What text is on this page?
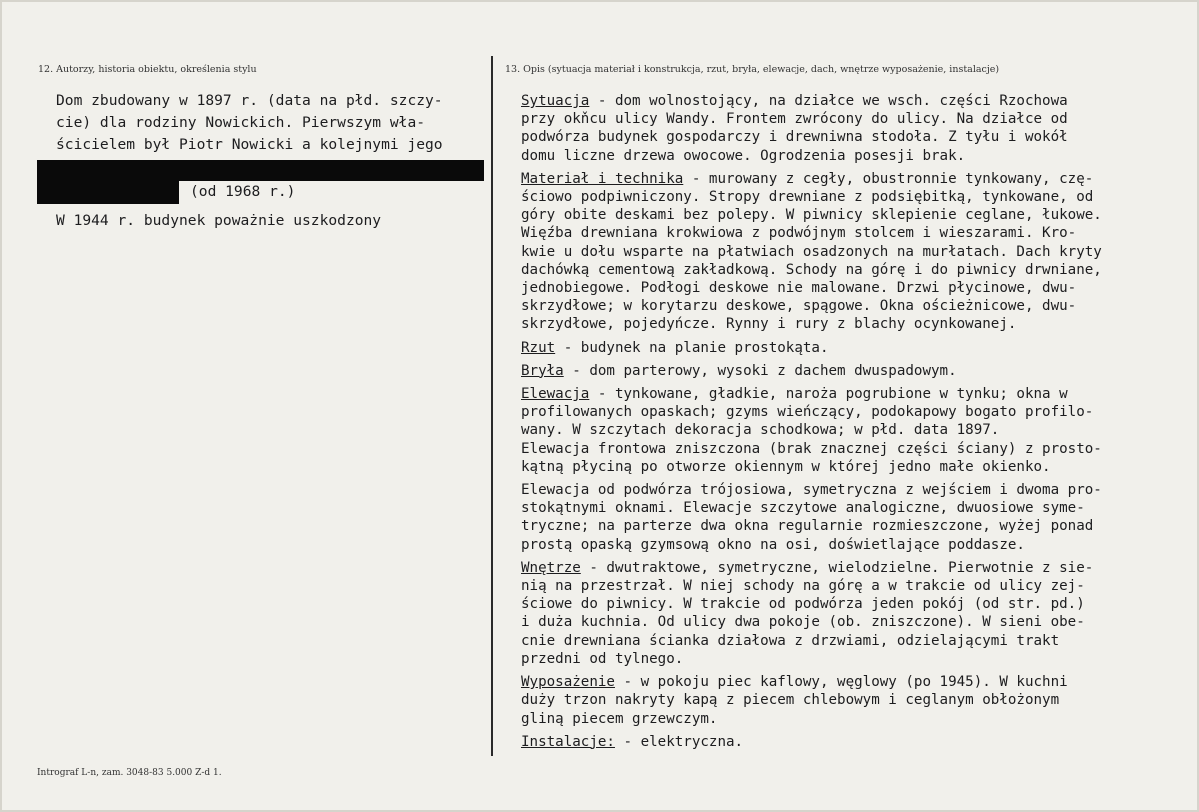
12. Autorzy, historia obiektu, określenia stylu	13. Opis (sytuacja materiał i konstrukcja, rzut, bryła, elewacje, dach, wnętrze wyposażenie, instalacje)
Dom zbudowany w 1897 r. (data na płd. szczy-
cie) dla rodziny Nowickich. Pierwszym wła-
ścicielem był Piotr Nowicki a kolejnymi jego
(od 1968 r.)
W 1944 r. budynek poważnie uszkodzony
Sytuacja - dom wolnostojący, na działce we wsch. części Rzochowa
przy okňcu ulicy Wandy. Frontem zwrócony do ulicy. Na działce od
podwórza budynek gospodarczy i drewniwna stodoła. Z tyłu i wokół
domu liczne drzewa owocowe. Ogrodzenia posesji brak.
Materiał i technika - murowany z cegły, obustronnie tynkowany, czę-
ściowo podpiwniczony. Stropy drewniane z podsiębitką, tynkowane, od
góry obite deskami bez polepy. W piwnicy sklepienie ceglane, łukowe.
Więźba drewniana krokwiowa z podwójnym stolcem i wieszarami. Kro-
kwie u dołu wsparte na płatwiach osadzonych na murłatach. Dach kryty
dachówką cementową zakładkową. Schody na górę i do piwnicy drwniane,
jednobiegowe. Podłogi deskowe nie malowane. Drzwi płycinowe, dwu-
skrzydłowe; w korytarzu deskowe, spągowe. Okna ościeżnicowe, dwu-
skrzydłowe, pojedyńcze. Rynny i rury z blachy ocynkowanej.
Rzut - budynek na planie prostokąta.
Bryła - dom parterowy, wysoki z dachem dwuspadowym.
Elewacja - tynkowane, gładkie, naroża pogrubione w tynku; okna w
profilowanych opaskach; gzyms wieńczący, podokapowy bogato profilo-
wany. W szczytach dekoracja schodkowa; w płd. data 1897.
Elewacja frontowa zniszczona (brak znacznej części ściany) z prosto-
kątną płyciną po otworze okiennym w której jedno małe okienko.
Elewacja od podwórza trójosiowa, symetryczna z wejściem i dwoma pro-
stokątnymi oknami. Elewacje szczytowe analogiczne, dwuosiowe syme-
tryczne; na parterze dwa okna regularnie rozmieszczone, wyżej ponad
prostą opaską gzymsową okno na osi, doświetlające poddasze.
Wnętrze - dwutraktowe, symetryczne, wielodzielne. Pierwotnie z sie-
nią na przestrzał. W niej schody na górę a w trakcie od ulicy zej-
ściowe do piwnicy. W trakcie od podwórza jeden pokój (od str. pd.)
i duża kuchnia. Od ulicy dwa pokoje (ob. zniszczone). W sieni obe-
cnie drewniana ścianka działowa z drzwiami, odzielającymi trakt
przedni od tylnego.
Wyposażenie - w pokoju piec kaflowy, węglowy (po 1945). W kuchni
duży trzon nakryty kapą z piecem chlebowym i ceglanym obłożonym
gliną piecem grzewczym.
Instalacje: - elektryczna.
Intrograf L-n, zam. 3048-83 5.000 Z-d 1.
